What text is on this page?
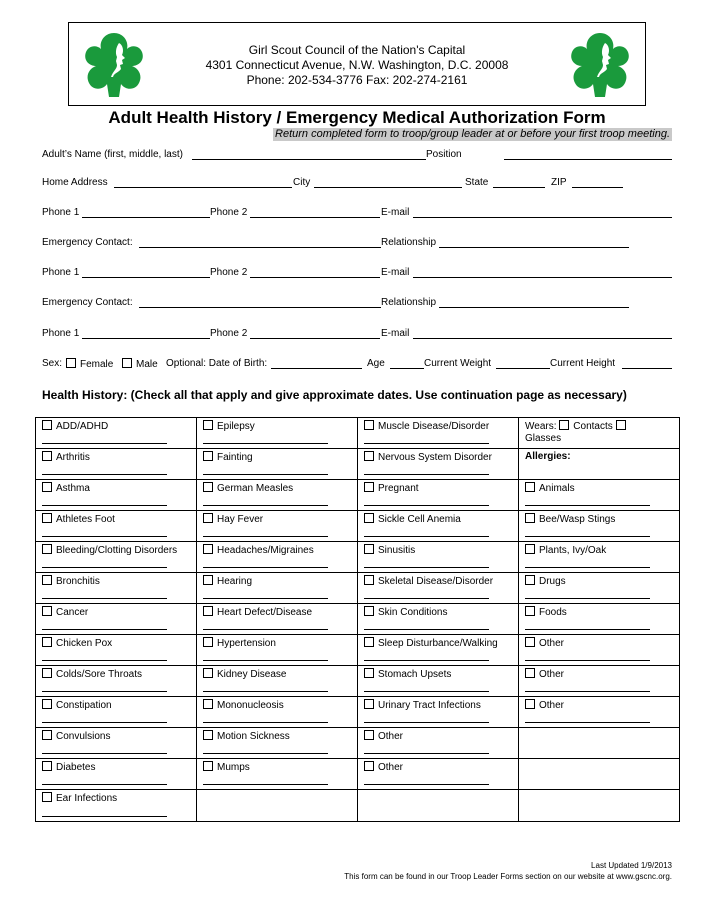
Girl Scout Council of the Nation's Capital
4301 Connecticut Avenue, N.W. Washington, D.C. 20008
Phone: 202-534-3776 Fax: 202-274-2161
Adult Health History / Emergency Medical Authorization Form
Return completed form to troop/group leader at or before your first troop meeting.
Adult’s Name (first, middle, last)	Position
Home Address	City	State	ZIP
Phone 1	Phone 2	E-mail
Emergency Contact:	Relationship
Phone 1	Phone 2	E-mail
Emergency Contact:	Relationship
Phone 1	Phone 2	E-mail
Sex:	Female	Male Optional: Date of Birth:	Age	Current Weight	Current Height
Health History: (Check all that apply and give approximate dates. Use continuation page as necessary)
ADD/ADHD	Epilepsy	Muscle Disease/Disorder	Wears: Contacts
Glasses
Arthritis	Fainting	Nervous System Disorder	Allergies:
Asthma	German Measles	Pregnant	Animals

Athletes Foot	Hay Fever	Sickle Cell Anemia	Bee/Wasp Stings

Bleeding/Clotting Disorders	Headaches/Migraines	Sinusitis	Plants, Ivy/Oak

Bronchitis	Hearing	Skeletal Disease/Disorder	Drugs

Cancer	Heart Defect/Disease	Skin Conditions	Foods

Chicken Pox	Hypertension	Sleep Disturbance/Walking	Other

Colds/Sore Throats	Kidney Disease	Stomach Upsets	Other

Constipation	Mononucleosis	Urinary Tract Infections	Other

Convulsions	Motion Sickness	Other

Diabetes	Mumps	Other

Ear Infections

Last Updated 1/9/2013
This form can be found in our Troop Leader Forms section on our website at www.gscnc.org.
